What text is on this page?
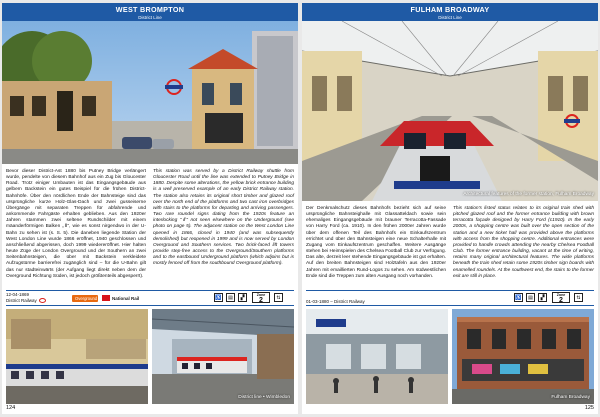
WEST BROMPTON
District Line
Bevor dieser District-Ast 1880 bis Putney Bridge verlängert wurde, pendelte von diesem Bahnhof aus ein Zug bis Gloucester Road. Trotz einiger Umbauten ist das Eingangsgebäude aus gelbem Backstein ein gutes Beispiel für die frühen District-Bahnhöfe. Über den nördlichen Ende der Bahnsteige sind das ursprüngliche kurze Holz-Glas-Dach und zwei gusseiserne Übergänge mit separaten Treppen für abfahrende und ankommende Fahrgäste erhalten geblieben. Aus den 1920er Jahren stammen zwei seltene Rundschilder mit einem mäanderförmigen Balken „Ⅱ“, wie es sonst nirgendwo in der U-Bahn zu sehen ist (s. S. 5). Die daneben liegende Station der West London Line wurde 1866 eröffnet, 1940 geschlossen und anschließend abgerissen, doch 1999 wiedereröffnet. Hier halten heute Züge der London Overground und der Southern an zwei Seitenbahnsteigen, die über mit Backstein verkleidete Aufzugstürme barrierefrei zugänglich sind – für die U-Bahn gilt das nur stadteinwärts (der Aufgang liegt direkt neben dem der Overground Richtung Süden, ist jedoch größtenteils abgesperrt).
This station was served by a District Railway shuttle from Gloucester Road until the line was extended to Putney Bridge in 1880. Despite some alterations, the yellow brick entrance building is a well preserved example of an early District Railway station. The station also retains its original short timber and glazed roof over the north end of the platforms and two cast iron overbridges with stairs to the platforms for departing and arriving passengers. Two rare roundel signs dating from the 1920s feature an interlocking "Ⅱ" not seen elsewhere on the Underground (see photo on page 5). The adjacent station on the West London Line opened in 1866, closed in 1940 (and was subsequently demolished) but reopened in 1999 and is now served by London Overground and Southern services. Two brick-faced lift towers provide step-free access to the Overground/Southern platforms and to the eastbound Underground platform (which adjoins but is mostly fenced off from the southbound Overground platform).
12-04-1869
District Railway	Overground	National Rail	♿	▤	▞	Zone
2	⇅
District line • Wimbledon
124
FULHAM BROADWAY
District Line
Architectural features of the former station, Fulham Broadway
Der Denkmalschutz dieses Bahnhofs bezieht sich auf seine ursprüngliche Bahnsteighalle mit Glassatteldach sowie sein ehemaliges Eingangsgebäude mit brauner Terracotta-Fassade von Harry Ford (ca. 1910). In den frühen 2000er Jahren wurde über dem offenen Teil des Bahnhofs ein Einkaufszentrum errichtet und über den Bahnsteigen eine neue Schalterhalle mit Zugang vom Einkaufszentrum geschaffen. Weitere Ausgänge stehen bei Heimspielen des Chelsea Football Club zur Verfügung. Das alte, derzeit leer stehende Eingangsgebäude ist gut erhalten. Auf den breiten Bahnsteigen sind Holztafeln aus den 1920er Jahren mit emaillierten Rund-Logos zu sehen. Am südwestlichen Ende sind die Treppen zum alten Ausgang noch vorhanden.
This station's listed status relates to its original train shed with pitched glazed roof and the former entrance building with brown terracotta façade designed by Harry Ford (c1910). In the early 2000s, a shopping centre was built over the open section of the station and a new ticket hall was provided above the platforms with access from the shopping centre. Additional entrances were provided to handle crowds attending the nearby Chelsea Football Club. The former entrance building, vacant at the time of writing, retains many original architectural features. The wide platforms beneath the train shed retain some 1920s timber sign boards with enamelled roundels. At the southwest end, the stairs to the former exit are still in place.
01-03-1880 – District Railway
♿	▤	▞	Zone
2	⇅
Fulham Broadway
125
